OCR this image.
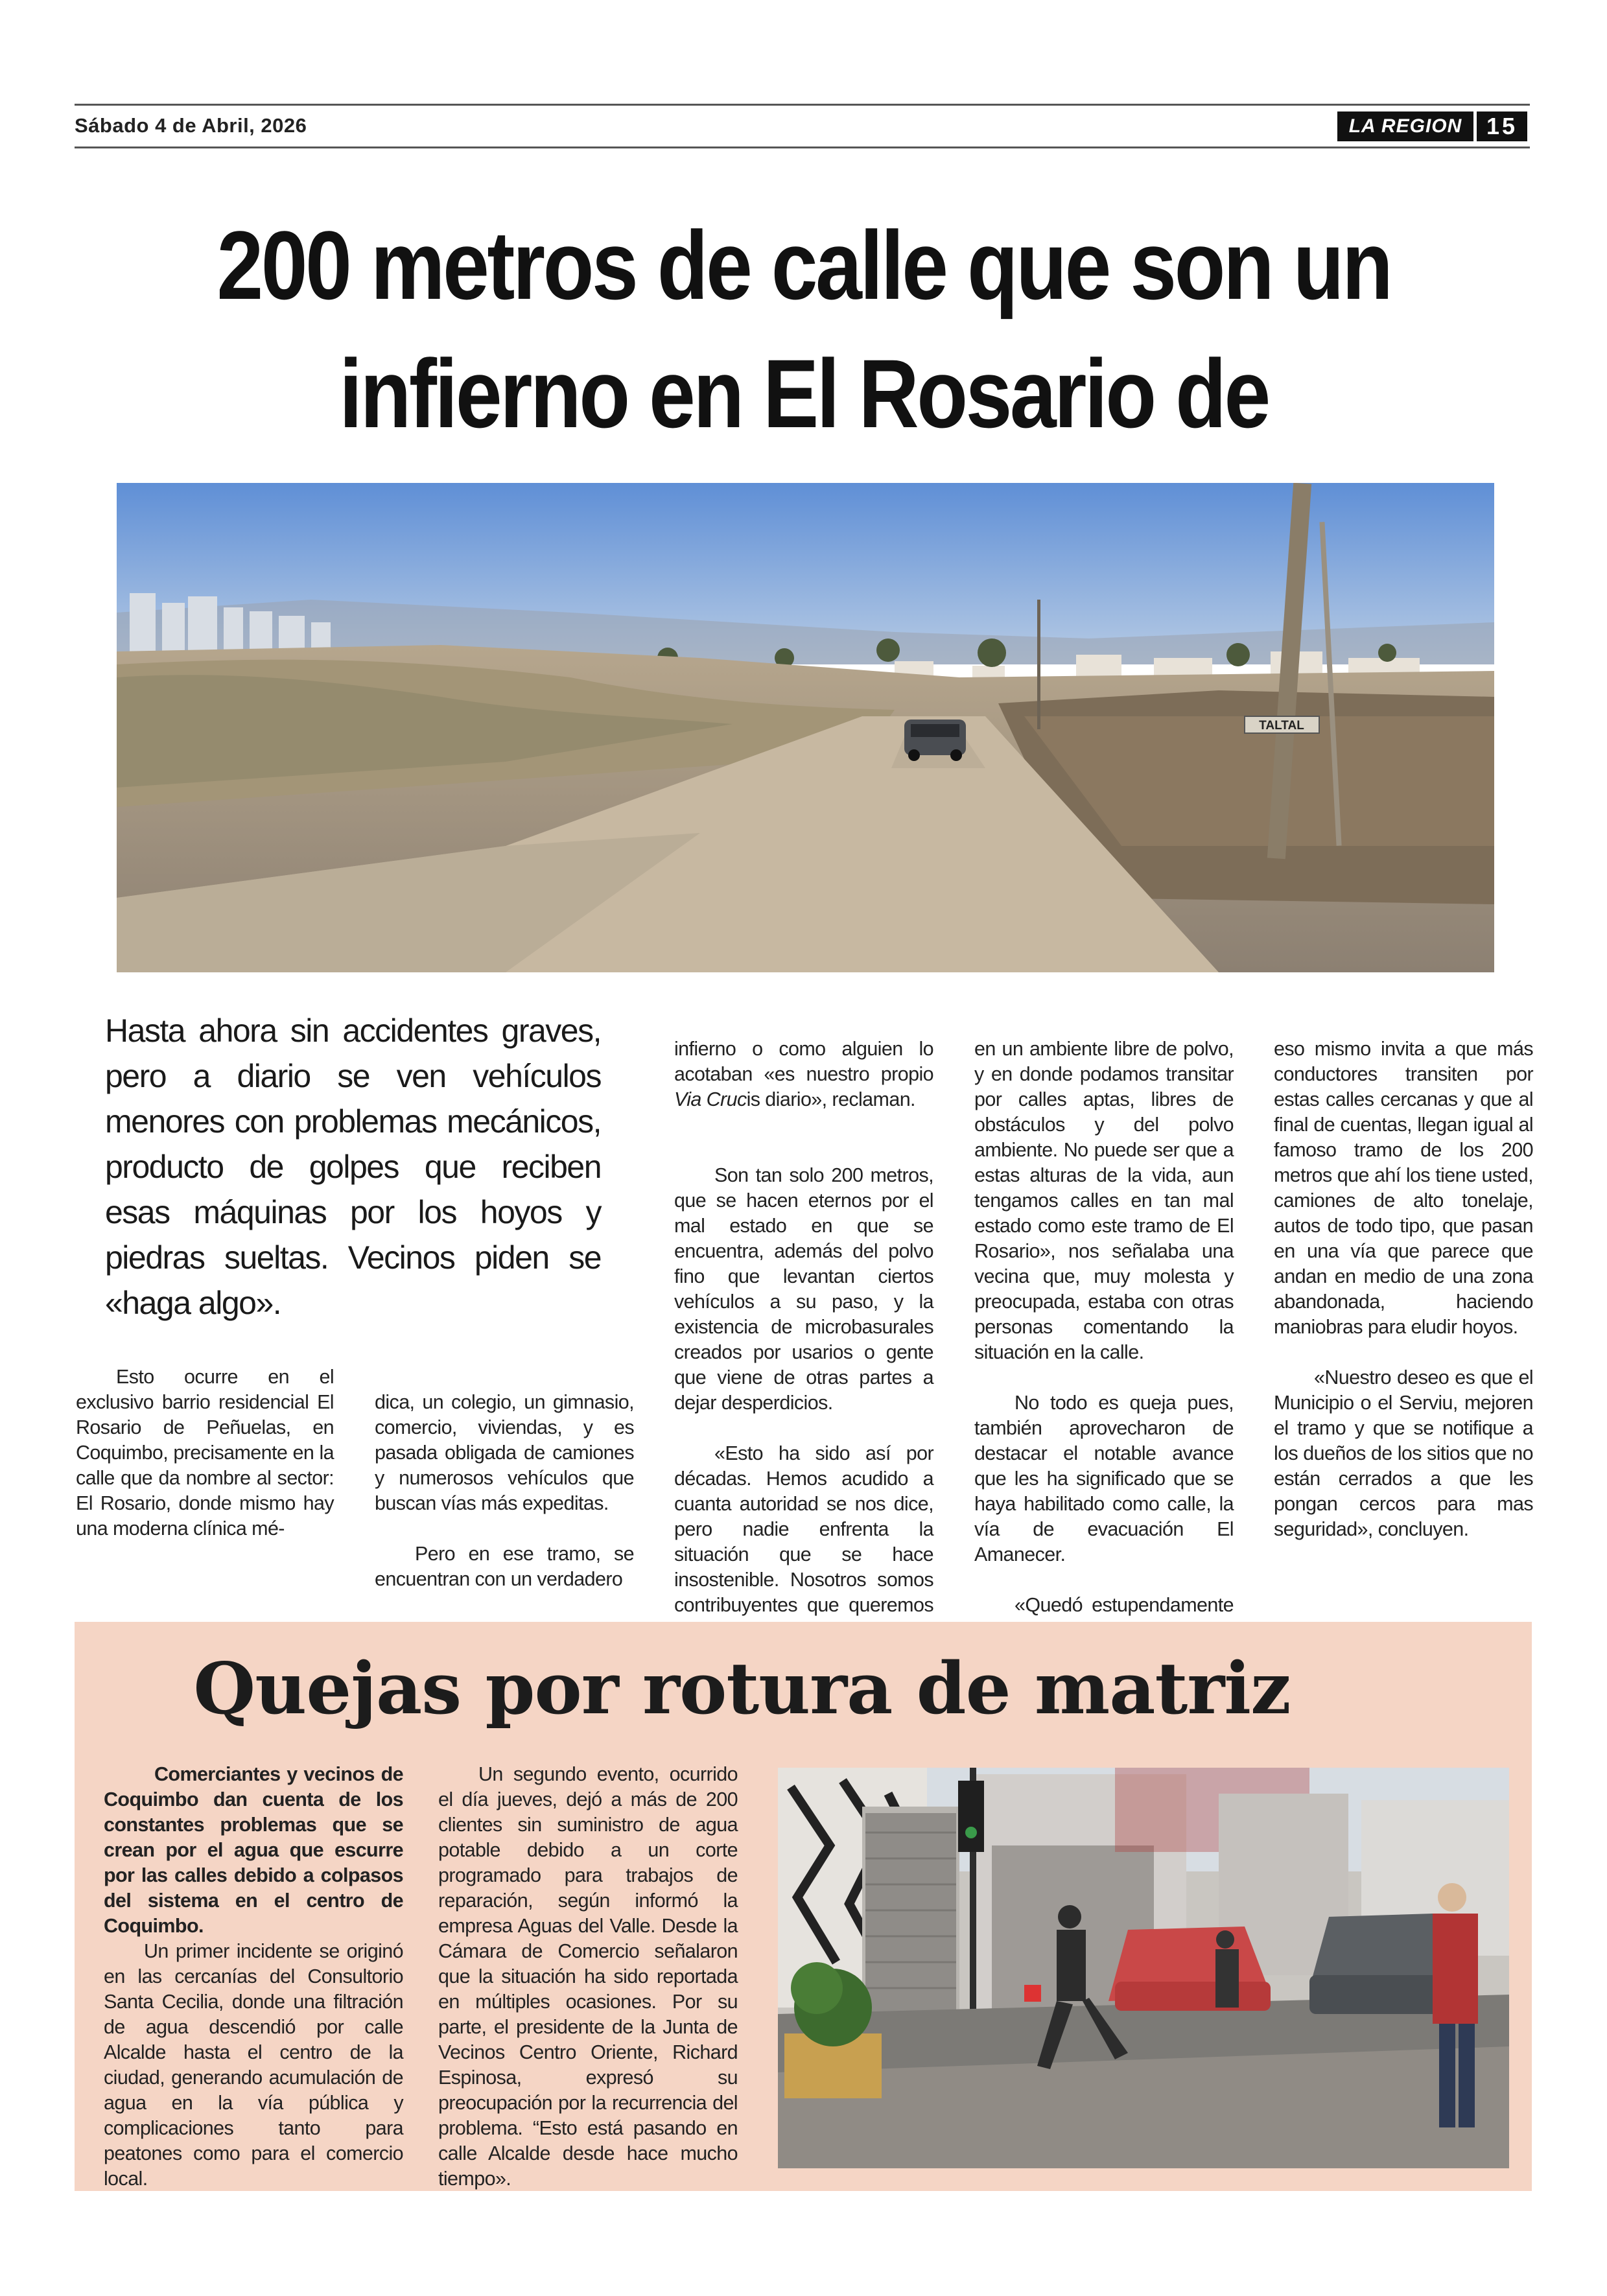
Sábado 4 de Abril, 2026	LA REGION	15
200 metros de calle que son un
infierno en El Rosario de
TALTAL
Hasta ahora sin accidentes graves, pero a diario se ven vehículos menores con problemas mecánicos, producto de golpes que reciben esas máquinas por los hoyos y piedras sueltas. Vecinos piden se «haga algo».
Esto ocurre en el exclusivo barrio residencial El Rosario de Peñuelas, en Coquimbo, precisamente en la calle que da nombre al sector: El Rosario, donde mismo hay una moderna clínica mé-

dica, un colegio, un gimnasio, comercio, viviendas, y es pasada obligada de camiones y numerosos vehículos que buscan vías más expeditas.

Pero en ese tramo, se encuentran con un verdadero

infierno o como alguien lo acotaban «es nuestro propio Via Crucis diario», reclaman.

Son tan solo 200 metros, que se hacen eternos por el mal estado en que se encuentra, además del polvo fino que levantan ciertos vehículos a su paso, y la existencia de microbasurales creados por usarios o gente que viene de otras partes a dejar desperdicios.

«Esto ha sido así por décadas. Hemos acudido a cuanta autoridad se nos dice, pero nadie enfrenta la situación que se hace insostenible. Nosotros somos contribuyentes que queremos

en un ambiente libre de polvo, y en donde podamos transitar por calles aptas, libres de obstáculos y del polvo ambiente. No puede ser que a estas alturas de la vida, aun tengamos calles en tan mal estado como este tramo de El Rosario», nos señalaba una vecina que, muy molesta y preocupada, estaba con otras personas comentando la situación en la calle.

No todo es queja pues, también aprovecharon de destacar el notable avance que les ha significado que se haya habilitado como calle, la vía de evacuación El Amanecer.

«Quedó estupendamente

eso mismo invita a que más conductores transiten por estas calles cercanas y que al final de cuentas, llegan igual al famoso tramo de los 200 metros que ahí los tiene usted, camiones de alto tonelaje, autos de todo tipo, que pasan en una vía que parece que andan en medio de una zona abandonada, haciendo maniobras para eludir hoyos.

«Nuestro deseo es que el Municipio o el Serviu, mejoren el tramo y que se notifique a los dueños de los sitios que no están cerrados a que les pongan cercos para mas seguridad», concluyen.

Quejas por rotura de matriz
Comerciantes y vecinos de Coquimbo dan cuenta de los constantes problemas que se crean por el agua que escurre por las calles debido a colpasos del sistema en el centro de Coquimbo.
Un primer incidente se originó en las cercanías del Consultorio Santa Cecilia, donde una filtración de agua descendió por calle Alcalde hasta el centro de la ciudad, generando acumulación de agua en la vía pública y complicaciones tanto para peatones como para el comercio local.
Un segundo evento, ocurrido el día jueves, dejó a más de 200 clientes sin suministro de agua potable debido a un corte programado para trabajos de reparación, según informó la empresa Aguas del Valle. Desde la Cámara de Comercio señalaron que la situación ha sido reportada en múltiples ocasiones. Por su parte, el presidente de la Junta de Vecinos Centro Oriente, Richard Espinosa, expresó su preocupación por la recurrencia del problema. “Esto está pasando en calle Alcalde desde hace mucho tiempo».
